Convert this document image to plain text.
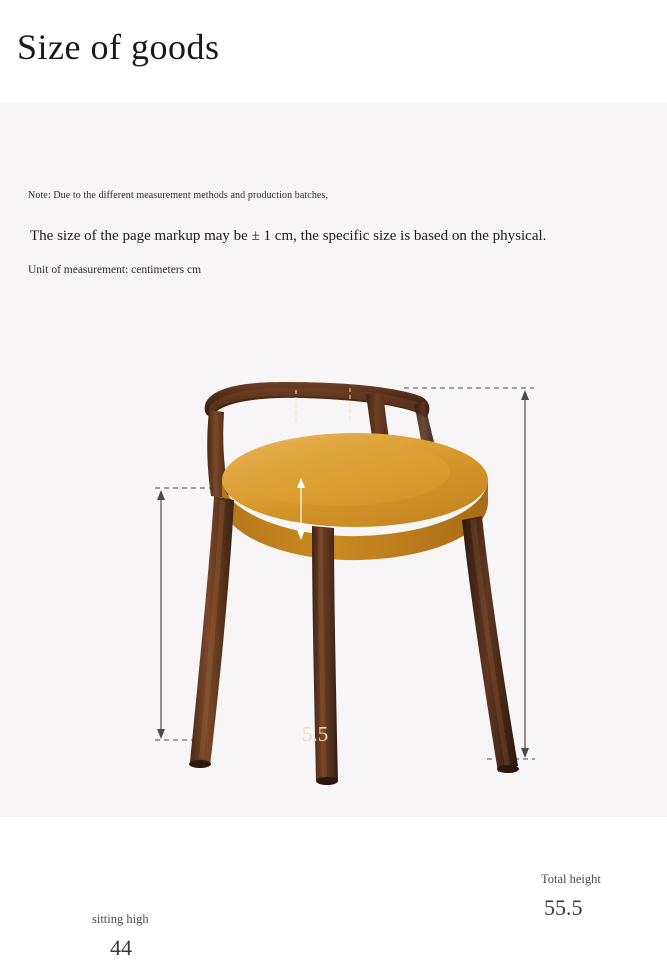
Size of goods
Note: Due to the different measurement methods and production batches,
The size of the page markup may be ± 1 cm, the specific size is based on the physical.
Unit of measurement: centimeters cm
5.5
7
sitting high
44
Total height
55.5
